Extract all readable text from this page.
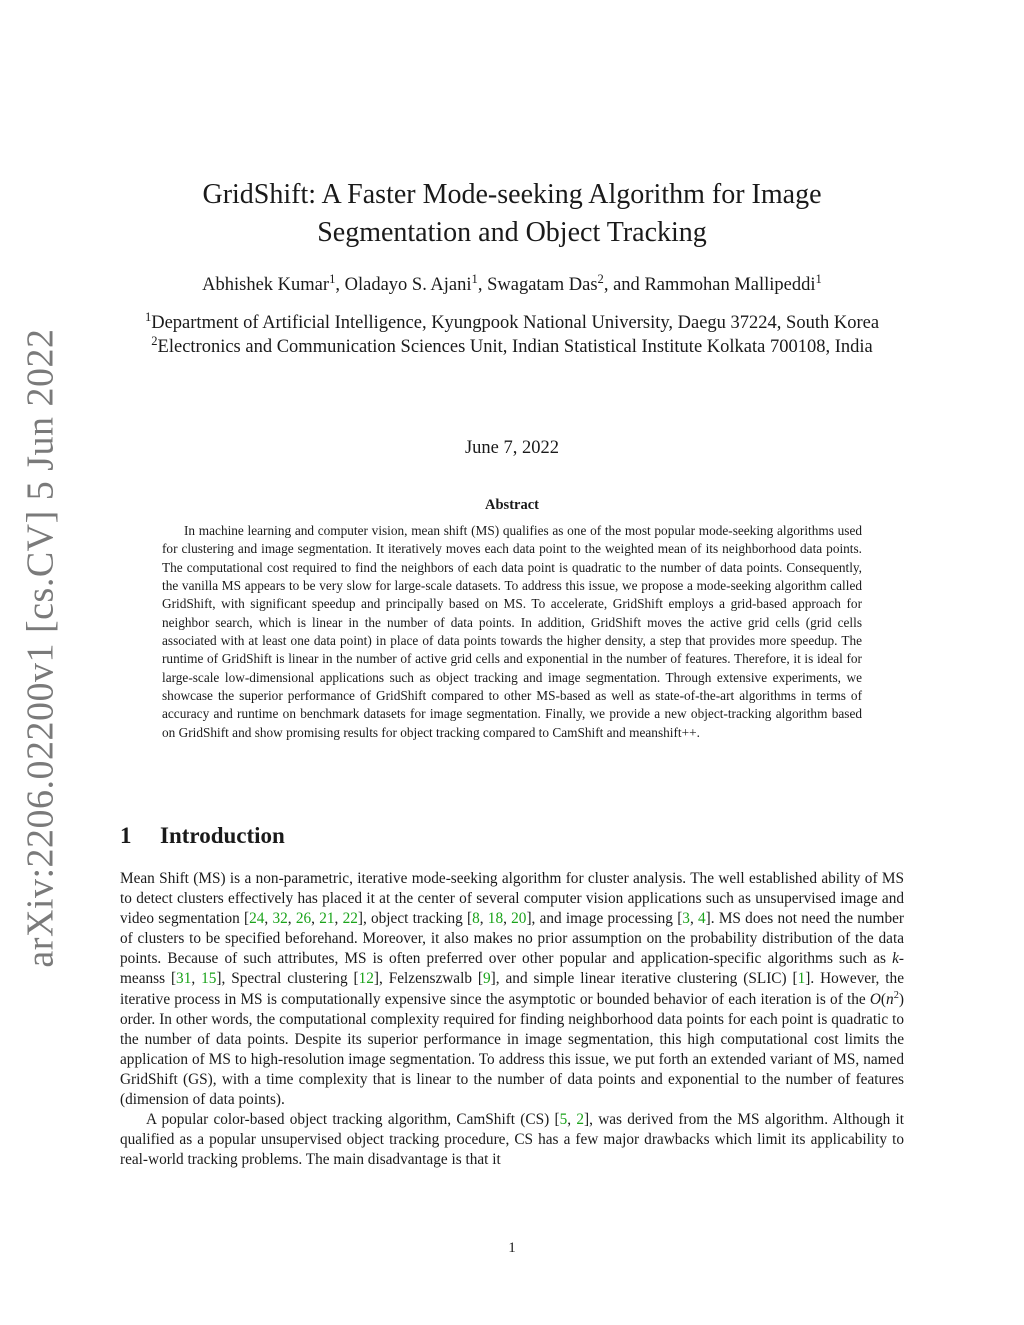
arXiv:2206.02200v1 [cs.CV] 5 Jun 2022
GridShift: A Faster Mode-seeking Algorithm for Image
Segmentation and Object Tracking
Abhishek Kumar$^1$, Oladayo S. Ajani$^1$, Swagatam Das$^2$, and Rammohan Mallipeddi$^1$

$^1$Department of Artificial Intelligence, Kyungpook National University, Daegu 37224, South Korea

$^2$Electronics and Communication Sciences Unit, Indian Statistical Institute Kolkata 700108, India

June 7, 2022
Abstract

In machine learning and computer vision, mean shift (MS) qualifies as one of the most popular mode-seeking algorithms used for clustering and image segmentation. It iteratively moves each data point to the weighted mean of its neighborhood data points. The computational cost required to find the neighbors of each data point is quadratic to the number of data points. Consequently, the vanilla MS appears to be very slow for large-scale datasets. To address this issue, we propose a mode-seeking algorithm called GridShift, with significant speedup and principally based on MS. To accelerate, GridShift employs a grid-based approach for neighbor search, which is linear in the number of data points. In addition, GridShift moves the active grid cells (grid cells associated with at least one data point) in place of data points towards the higher density, a step that provides more speedup. The runtime of GridShift is linear in the number of active grid cells and exponential in the number of features. Therefore, it is ideal for large-scale low-dimensional applications such as object tracking and image segmentation. Through extensive experiments, we showcase the superior performance of GridShift compared to other MS-based as well as state-of-the-art algorithms in terms of accuracy and runtime on benchmark datasets for image segmentation. Finally, we provide a new object-tracking algorithm based on GridShift and show promising results for object tracking compared to CamShift and meanshift++.

1 Introduction

Mean Shift (MS) is a non-parametric, iterative mode-seeking algorithm for cluster analysis. The well established ability of MS to detect clusters effectively has placed it at the center of several computer vision applications such as unsupervised image and video segmentation [24, 32, 26, 21, 22], object tracking [8, 18, 20], and image processing [3, 4]. MS does not need the number of clusters to be specified beforehand. Moreover, it also makes no prior assumption on the probability distribution of the data points. Because of such attributes, MS is often preferred over other popular and application-specific algorithms such as k-meanss [31, 15], Spectral clustering [12], Felzenszwalb [9], and simple linear iterative clustering (SLIC) [1]. However, the iterative process in MS is computationally expensive since the asymptotic or bounded behavior of each iteration is of the $O(n^2)$ order. In other words, the computational complexity required for finding neighborhood data points for each point is quadratic to the number of data points. Despite its superior performance in image segmentation, this high computational cost limits the application of MS to high-resolution image segmentation. To address this issue, we put forth an extended variant of MS, named GridShift (GS), with a time complexity that is linear to the number of data points and exponential to the number of features (dimension of data points).

A popular color-based object tracking algorithm, CamShift (CS) [5, 2], was derived from the MS algorithm. Although it qualified as a popular unsupervised object tracking procedure, CS has a few major drawbacks which limit its applicability to real-world tracking problems. The main disadvantage is that it

1
